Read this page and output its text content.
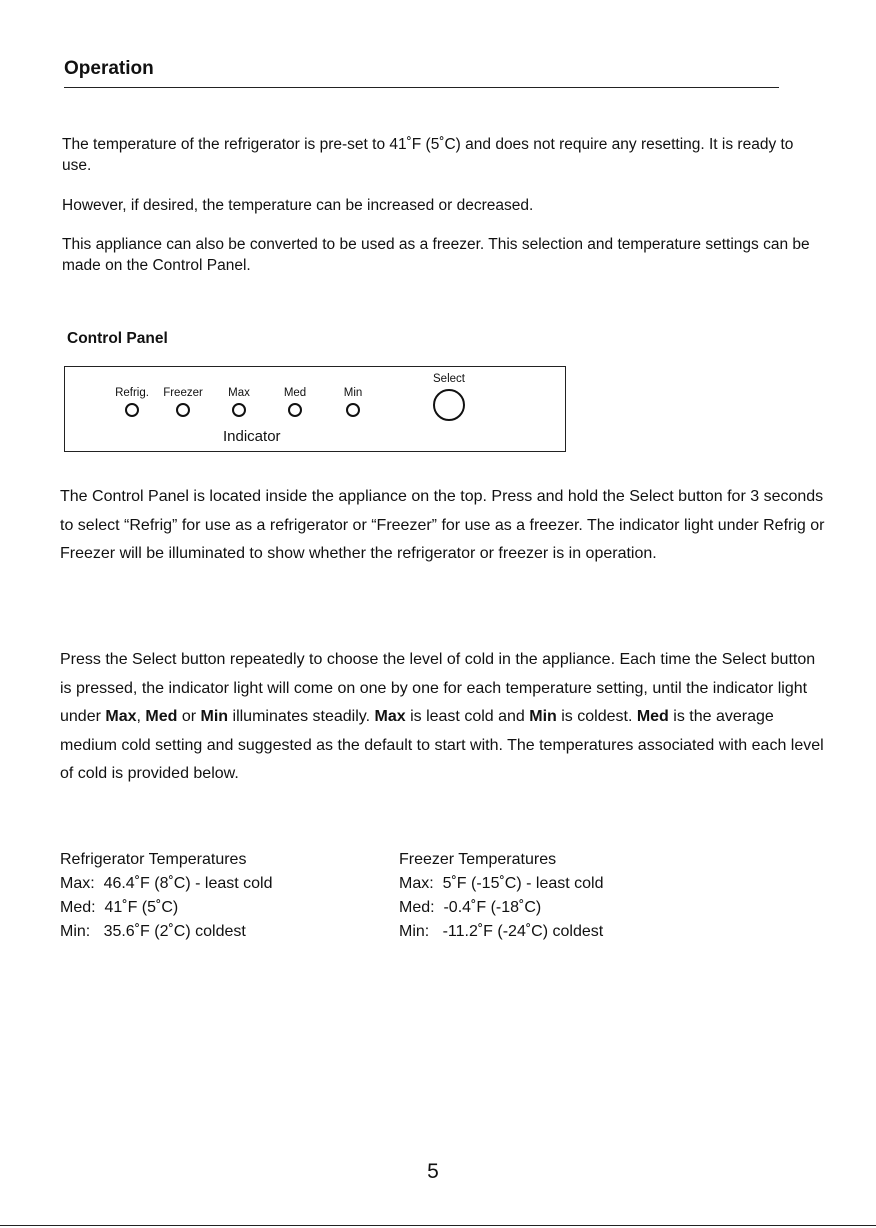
Operation
The temperature of the refrigerator is pre-set to 41˚F (5˚C) and does not require any resetting. It is ready to use.
However, if desired, the temperature can be increased or decreased.
This appliance can also be converted to be used as a freezer. This selection and temperature settings can be made on the Control Panel.
Control Panel
Refrig.	Freezer	Max	Med	Min
Select
Indicator
The Control Panel is located inside the appliance on the top. Press and hold the Select button for 3 seconds to select “Refrig” for use as a refrigerator or “Freezer” for use as a freezer. The indicator light under Refrig or Freezer will be illuminated to show whether the refrigerator or freezer is in operation.
Press the Select button repeatedly to choose the level of cold in the appliance. Each time the Select button is pressed, the indicator light will come on one by one for each temperature setting, until the indicator light under Max, Med or Min illuminates steadily. Max is least cold and Min is coldest. Med is the average medium cold setting and suggested as the default to start with. The temperatures associated with each level of cold is provided below.
Refrigerator Temperatures
Max:  46.4˚F (8˚C) - least cold
Med:  41˚F (5˚C)
Min:   35.6˚F (2˚C) coldest
Freezer Temperatures
Max:  5˚F (-15˚C) - least cold
Med:  -0.4˚F (-18˚C)
Min:   -11.2˚F (-24˚C) coldest
5
